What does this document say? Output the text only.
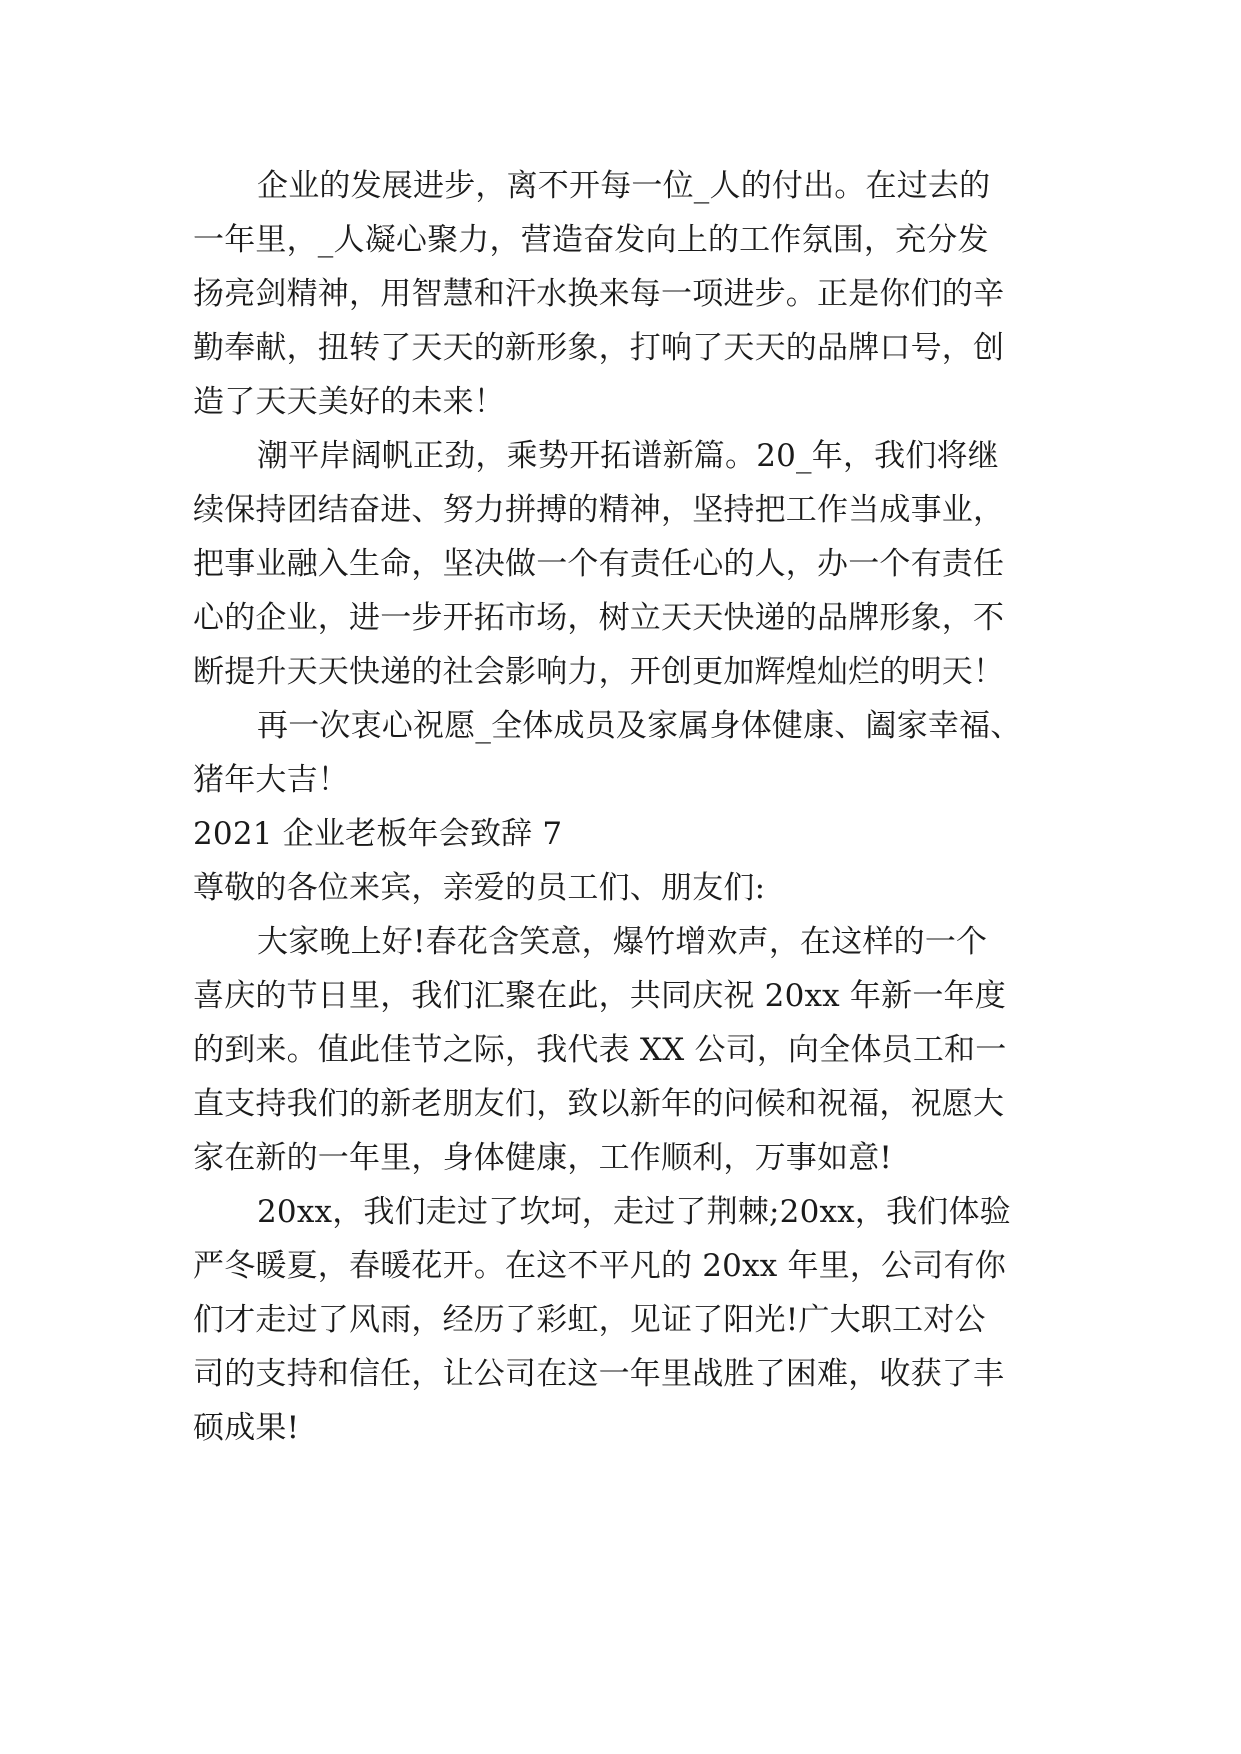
企业的发展进步，离不开每一位_人的付出。在过去的
一年里，_人凝心聚力，营造奋发向上的工作氛围，充分发
扬亮剑精神，用智慧和汗水换来每一项进步。正是你们的辛
勤奉献，扭转了天天的新形象，打响了天天的品牌口号，创
造了天天美好的未来！
潮平岸阔帆正劲，乘势开拓谱新篇。20_年，我们将继
续保持团结奋进、努力拼搏的精神，坚持把工作当成事业，
把事业融入生命，坚决做一个有责任心的人，办一个有责任
心的企业，进一步开拓市场，树立天天快递的品牌形象，不
断提升天天快递的社会影响力，开创更加辉煌灿烂的明天！
再一次衷心祝愿_全体成员及家属身体健康、阖家幸福、
猪年大吉！
2021 企业老板年会致辞 7
尊敬的各位来宾，亲爱的员工们、朋友们:
大家晚上好!春花含笑意，爆竹增欢声，在这样的一个
喜庆的节日里，我们汇聚在此，共同庆祝 20xx 年新一年度
的到来。值此佳节之际，我代表 XX 公司，向全体员工和一
直支持我们的新老朋友们，致以新年的问候和祝福，祝愿大
家在新的一年里，身体健康，工作顺利，万事如意!
20xx，我们走过了坎坷，走过了荆棘;20xx，我们体验
严冬暖夏，春暖花开。在这不平凡的 20xx 年里，公司有你
们才走过了风雨，经历了彩虹，见证了阳光!广大职工对公
司的支持和信任，让公司在这一年里战胜了困难，收获了丰
硕成果!
